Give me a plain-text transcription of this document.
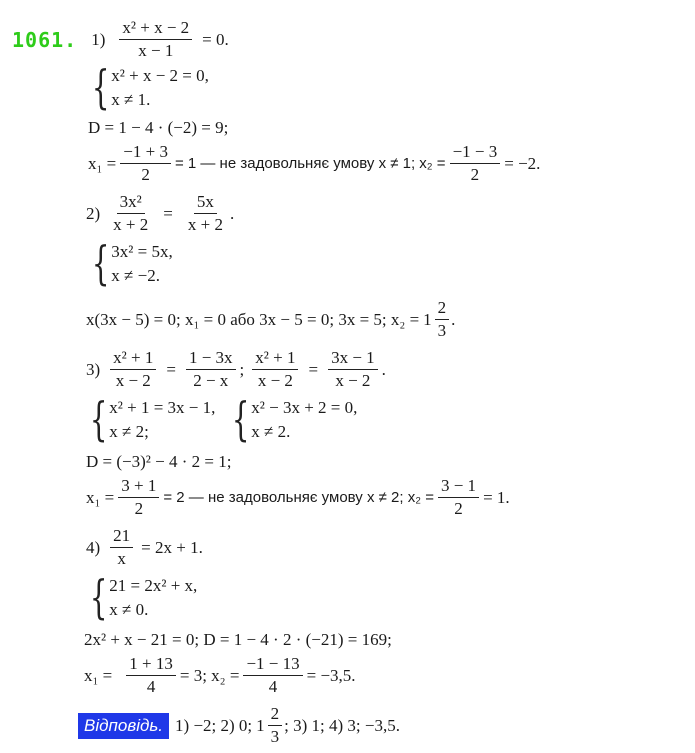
1061. $1) \frac{\text{x² + x − 2}}{x - 1} = 0$.
{ x² + x − 2 = 0,
x ≠ 1.
D = 1 − 4 · (−2) = 9;
$x_1 = \frac{-1 + 3}{2} = 1$ — не задовольняє умову x ≠ 1; $x_2 = \frac{-1 - 3}{2} = -2$.
$2) \frac{\text{3x²}}{x + 2} = \frac{5x}{x + 2}$ .
{ 3x² = 5x,
x ≠ −2.
x(3x − 5) = 0; x₁ = 0 або 3x − 5 = 0; 3x = 5; $x_2 = 1 \frac{2}{3}$ .
$3) \frac{\text{x² + 1}}{x - 2} = \frac{1 - 3x}{2 - x}$ ; $\frac{\text{x² + 1}}{x - 2} = \frac{3x - 1}{x - 2}$ .
{ x² + 1 = 3x − 1,
x ≠ 2;	{ x² − 3x + 2 = 0,
x ≠ 2.
D = (−3)² − 4 · 2 = 1;
$x_1 = \frac{3 + 1}{2} = 2$ — не задовольняє умову x ≠ 2; $x_2 = \frac{3 - 1}{2} = 1$.
$4) \frac{21}{x} = 2x + 1$.
{ 21 = 2x² + x,
x ≠ 0.
2x² + x − 21 = 0; D = 1 − 4 · 2 · (−21) = 169;
$x_1 = \frac{1 + 13}{4} = 3$; $x_2 = \frac{-1 - 13}{4} = -3,5$.
Відповідь. 1) −2; 2) 0; $1 \frac{2}{3}$ ; 3) 1; 4) 3; −3,5.
